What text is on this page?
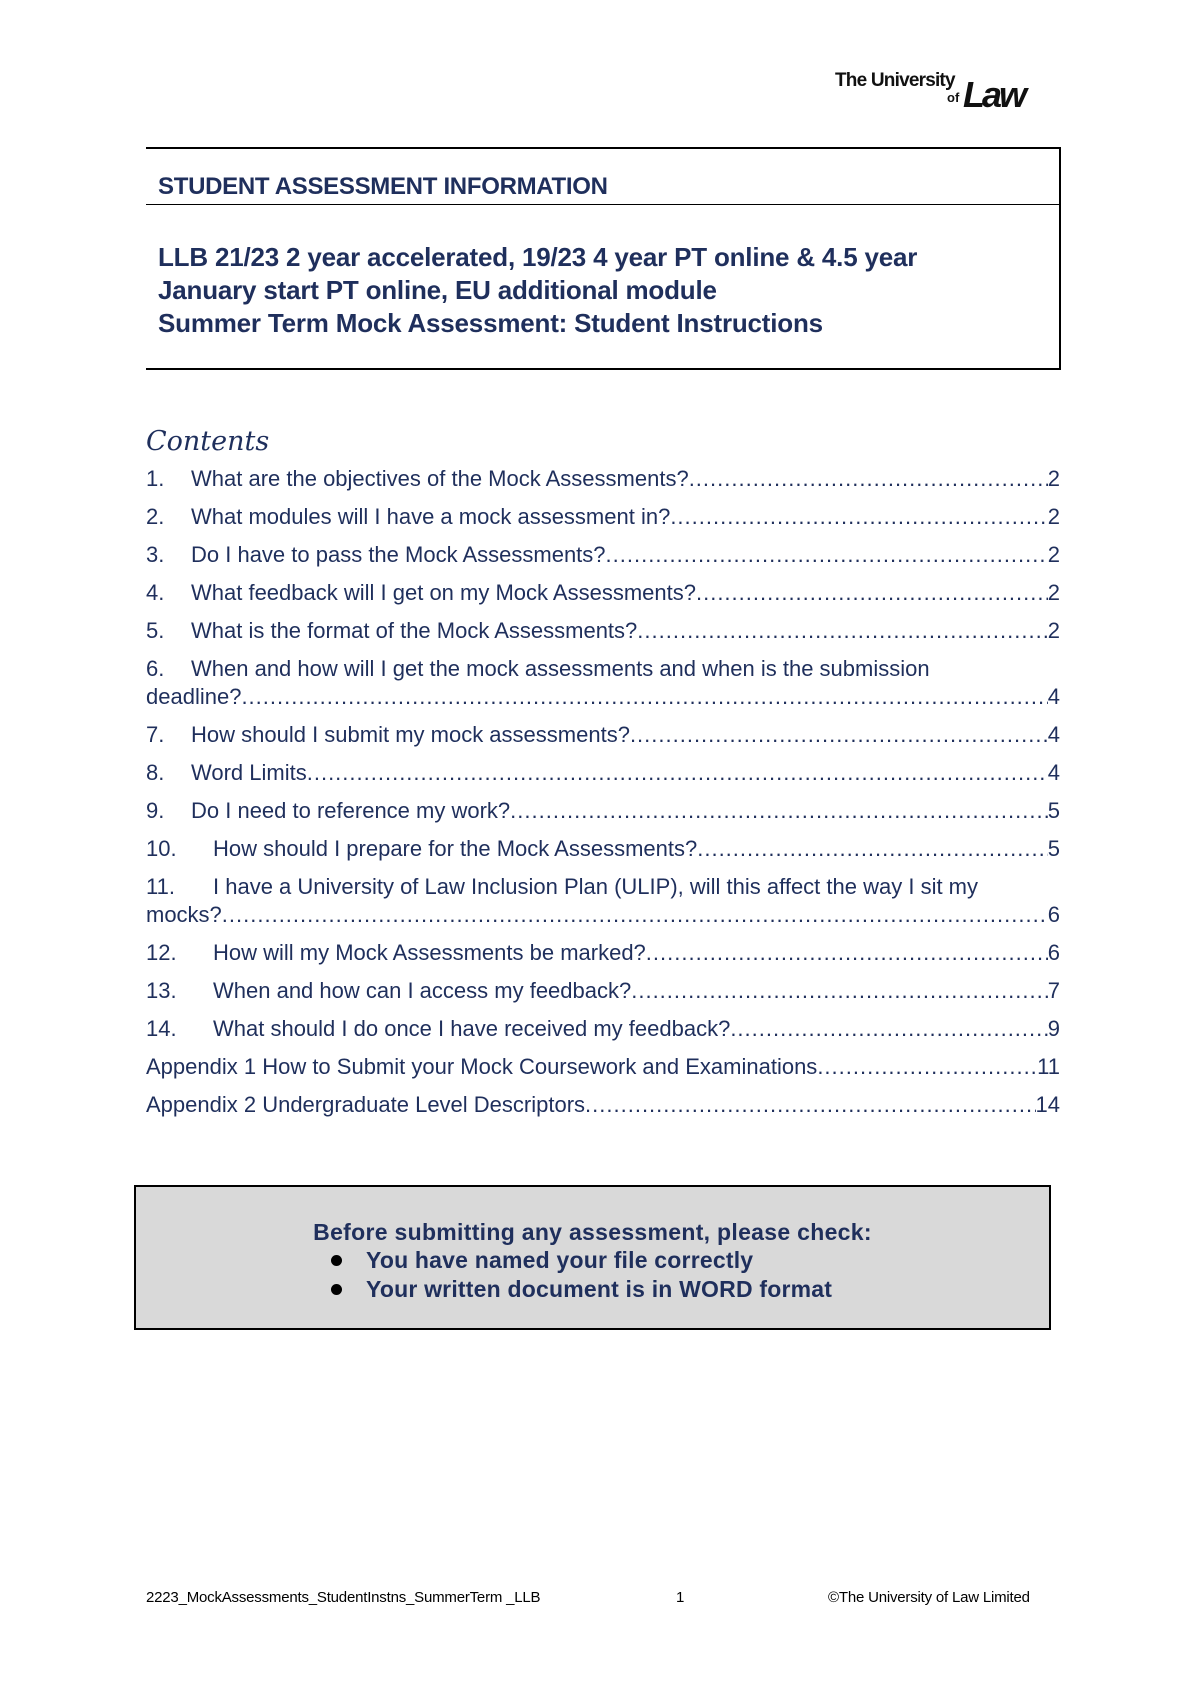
The University
of Law
STUDENT ASSESSMENT INFORMATION
LLB 21/23 2 year accelerated, 19/23 4 year PT online & 4.5 year
January start PT online, EU additional module
Summer Term Mock Assessment: Student Instructions
Contents
1.	What are the objectives of the Mock Assessments? .....	2
2.	What modules will I have a mock assessment in? .....	2
3.	Do I have to pass the Mock Assessments? .....	2
4.	What feedback will I get on my Mock Assessments? .....	2
5.	What is the format of the Mock Assessments? .....	2
6.	When and how will I get the mock assessments and when is the submission
deadline? .....	4
7.	How should I submit my mock assessments? .....	4
8.	Word Limits .....	4
9.	Do I need to reference my work? .....	5
10.	How should I prepare for the Mock Assessments? .....	5
11.	I have a University of Law Inclusion Plan (ULIP), will this affect the way I sit my
mocks? .....	6
12.	How will my Mock Assessments be marked? .....	6
13.	When and how can I access my feedback? .....	7
14.	What should I do once I have received my feedback? .....	9
Appendix 1 How to Submit your Mock Coursework and Examinations .....	11
Appendix 2 Undergraduate Level Descriptors .....	14
Before submitting any assessment, please check:
You have named your file correctly
Your written document is in WORD format
2223_MockAssessments_StudentInstns_SummerTerm _LLB	1	©The University of Law Limited
